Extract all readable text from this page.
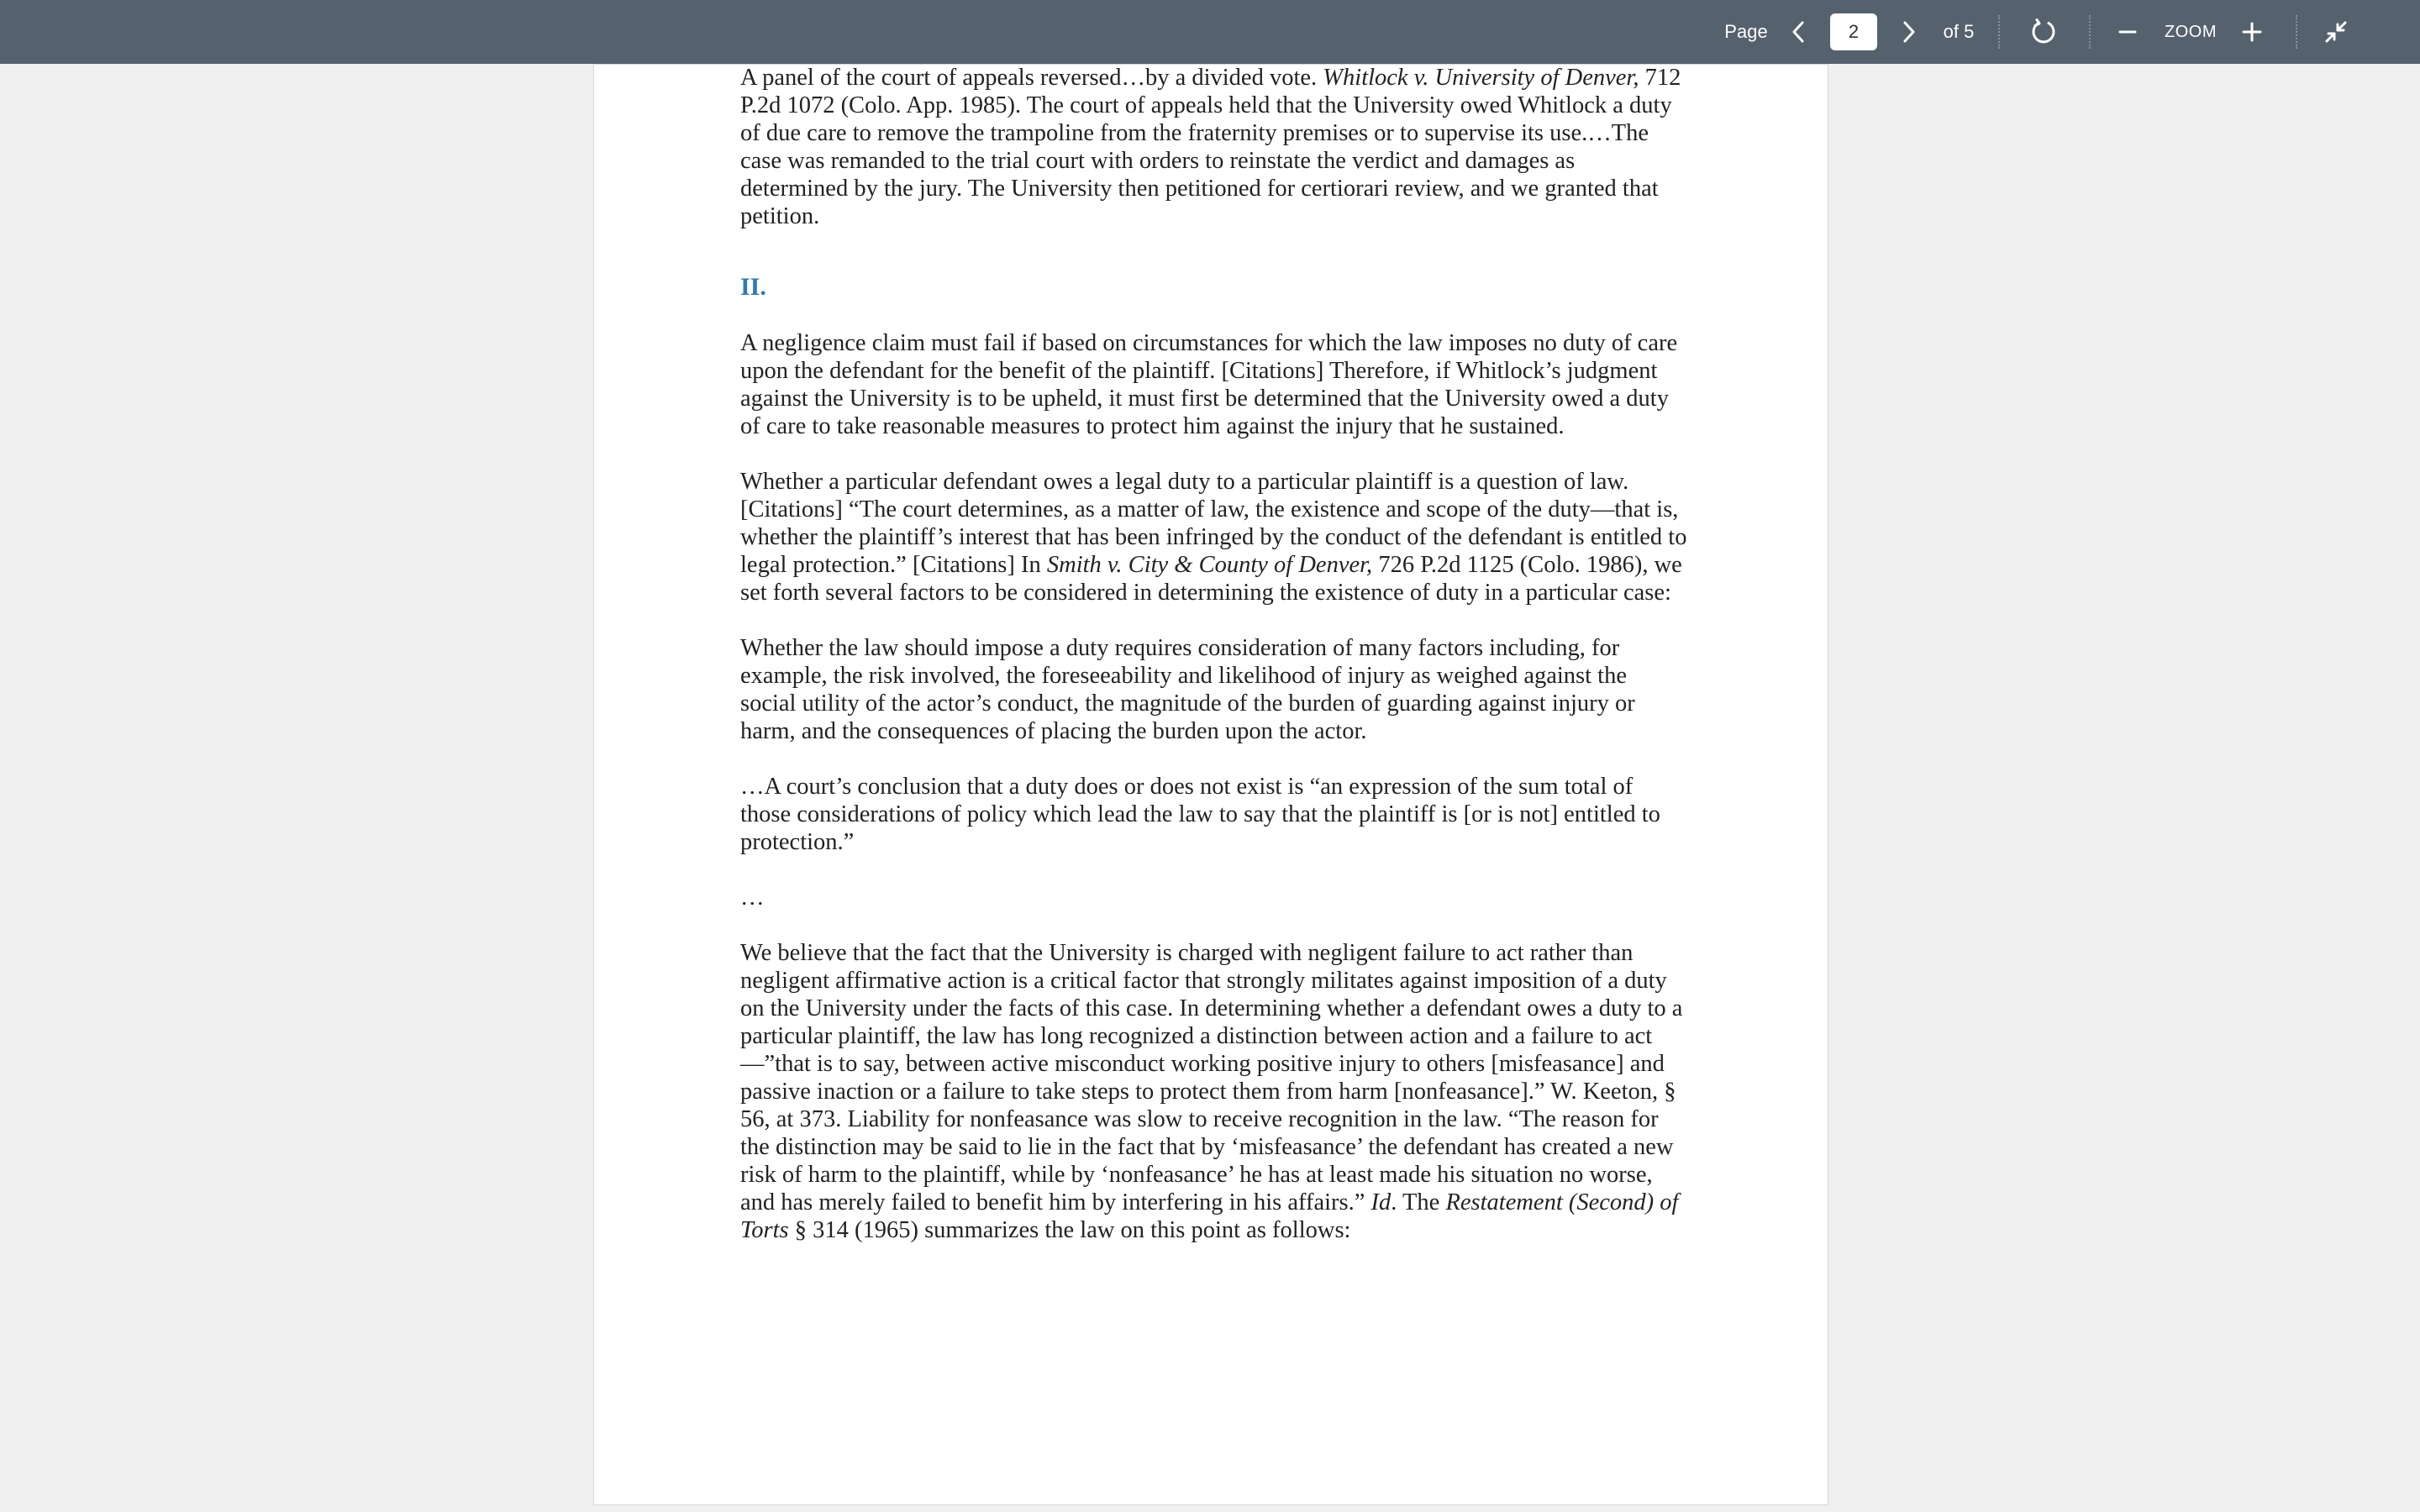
Page
2	of 5	ZOOM

A panel of the court of appeals reversed…by a divided vote. Whitlock v. University of Denver, 712 P.2d 1072 (Colo. App. 1985). The court of appeals held that the University owed Whitlock a duty of due care to remove the trampoline from the fraternity premises or to supervise its use.…The case was remanded to the trial court with orders to reinstate the verdict and damages as determined by the jury. The University then petitioned for certiorari review, and we granted that petition.

II.

A negligence claim must fail if based on circumstances for which the law imposes no duty of care upon the defendant for the benefit of the plaintiff. [Citations] Therefore, if Whitlock’s judgment against the University is to be upheld, it must first be determined that the University owed a duty of care to take reasonable measures to protect him against the injury that he sustained.

Whether a particular defendant owes a legal duty to a particular plaintiff is a question of law. [Citations] “The court determines, as a matter of law, the existence and scope of the duty—that is, whether the plaintiff’s interest that has been infringed by the conduct of the defendant is entitled to legal protection.” [Citations] In Smith v. City & County of Denver, 726 P.2d 1125 (Colo. 1986), we set forth several factors to be considered in determining the existence of duty in a particular case:

Whether the law should impose a duty requires consideration of many factors including, for example, the risk involved, the foreseeability and likelihood of injury as weighed against the social utility of the actor’s conduct, the magnitude of the burden of guarding against injury or harm, and the consequences of placing the burden upon the actor.

…A court’s conclusion that a duty does or does not exist is “an expression of the sum total of those considerations of policy which lead the law to say that the plaintiff is [or is not] entitled to protection.”

…

We believe that the fact that the University is charged with negligent failure to act rather than negligent affirmative action is a critical factor that strongly militates against imposition of a duty on the University under the facts of this case. In determining whether a defendant owes a duty to a particular plaintiff, the law has long recognized a distinction between action and a failure to act—”that is to say, between active misconduct working positive injury to others [misfeasance] and passive inaction or a failure to take steps to protect them from harm [nonfeasance].” W. Keeton, § 56, at 373. Liability for nonfeasance was slow to receive recognition in the law. “The reason for the distinction may be said to lie in the fact that by ‘misfeasance’ the defendant has created a new risk of harm to the plaintiff, while by ‘nonfeasance’ he has at least made his situation no worse, and has merely failed to benefit him by interfering in his affairs.” Id. The Restatement (Second) of Torts § 314 (1965) summarizes the law on this point as follows:
